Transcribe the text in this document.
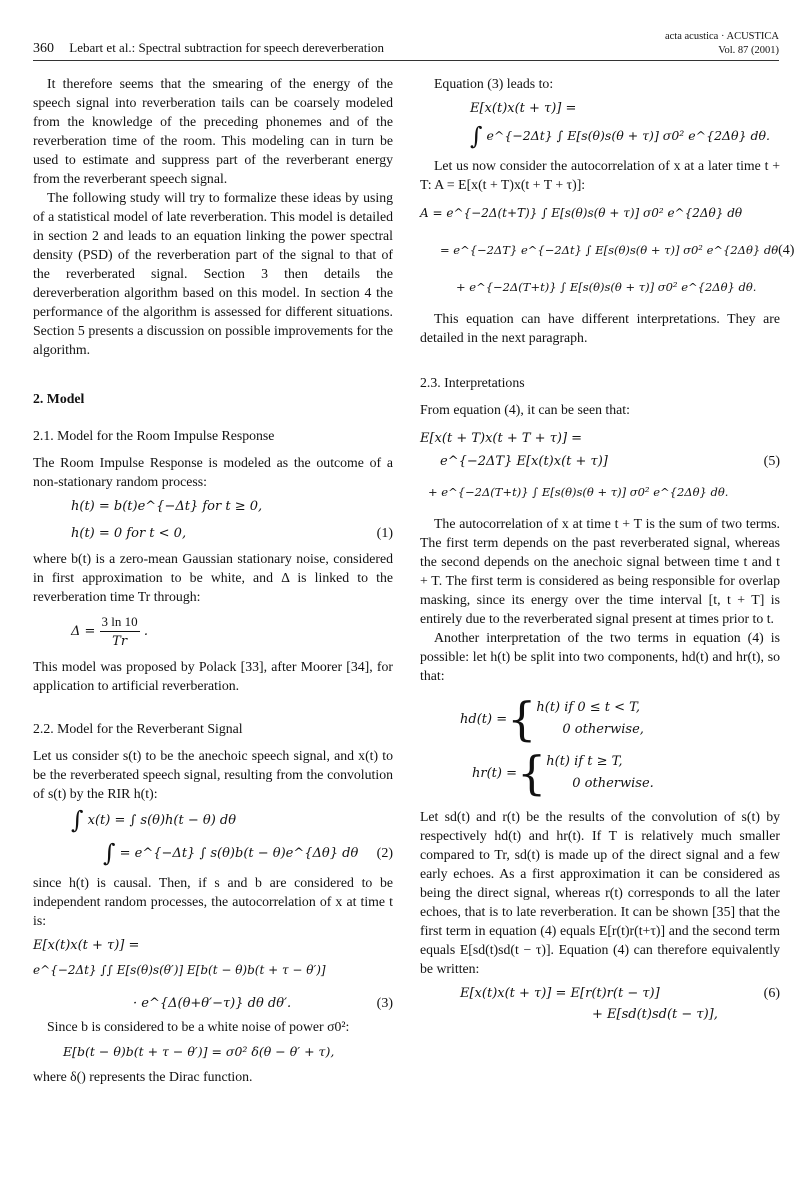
360 Lebart et al.: Spectral subtraction for speech dereverberation
acta acustica · ACUSTICA
Vol. 87 (2001)

It therefore seems that the smearing of the energy of the speech signal into reverberation tails can be coarsely modeled from the knowledge of the preceding phonemes and of the reverberation time of the room. This modeling can in turn be used to estimate and suppress part of the reverberant energy from the reverberant speech signal.

The following study will try to formalize these ideas by using of a statistical model of late reverberation. This model is detailed in section 2 and leads to an equation linking the power spectral density (PSD) of the reverberation part of the signal to that of the reverberated signal. Section 3 then details the dereverberation algorithm based on this model. In section 4 the performance of the algorithm is assessed for different situations. Section 5 presents a discussion on possible improvements for the algorithm.

2. Model
2.1. Model for the Room Impulse Response

The Room Impulse Response is modeled as the outcome of a non-stationary random process:

h(t) = b(t)e^{−Δt} for t ≥ 0,
h(t) = 0 for t < 0,	(1)

where b(t) is a zero-mean Gaussian stationary noise, considered in first approximation to be white, and Δ is linked to the reverberation time Tr through:

$\Delta = \frac{3 \ln 10}{Tr}$ .

This model was proposed by Polack [33], after Moorer [34], for application to artificial reverberation.

2.2. Model for the Reverberant Signal

Let us consider s(t) to be the anechoic speech signal, and x(t) to be the reverberated speech signal, resulting from the convolution of s(t) by the RIR h(t):

∫ x(t) = ∫ s(θ)h(t − θ) dθ
∫ = e^{−Δt} ∫ s(θ)b(t − θ)e^{Δθ} dθ	(2)

since h(t) is causal. Then, if s and b are considered to be independent random processes, the autocorrelation of x at time t is:

E[x(t)x(t + τ)] =
e^{−2Δt} ∫∫ E[s(θ)s(θ′)] E[b(t − θ)b(t + τ − θ′)]
· e^{Δ(θ+θ′−τ)} dθ dθ′.	(3)

Since b is considered to be a white noise of power σ0²:

E[b(t − θ)b(t + τ − θ′)] = σ0² δ(θ − θ′ + τ),

where δ() represents the Dirac function.

Equation (3) leads to:

E[x(t)x(t + τ)] =
∫ e^{−2Δt} ∫ E[s(θ)s(θ + τ)] σ0² e^{2Δθ} dθ.

Let us now consider the autocorrelation of x at a later time t + T: A = E[x(t + T)x(t + T + τ)]:

A = e^{−2Δ(t+T)} ∫ E[s(θ)s(θ + τ)] σ0² e^{2Δθ} dθ
= e^{−2ΔT} e^{−2Δt} ∫ E[s(θ)s(θ + τ)] σ0² e^{2Δθ} dθ (4)
+ e^{−2Δ(T+t)} ∫ E[s(θ)s(θ + τ)] σ0² e^{2Δθ} dθ.

This equation can have different interpretations. They are detailed in the next paragraph.

2.3. Interpretations

From equation (4), it can be seen that:

E[x(t + T)x(t + T + τ)] =
e^{−2ΔT} E[x(t)x(t + τ)]	(5)
+ e^{−2Δ(T+t)} ∫ E[s(θ)s(θ + τ)] σ0² e^{2Δθ} dθ.

The autocorrelation of x at time t + T is the sum of two terms. The first term depends on the past reverberated signal, whereas the second depends on the anechoic signal between time t and t + T. The first term is considered as being responsible for overlap masking, since its energy over the time interval [t, t + T] is entirely due to the reverberated signal present at times prior to t.

Another interpretation of the two terms in equation (4) is possible: let h(t) be split into two components, hd(t) and hr(t), so that:

hd(t) = { h(t) if 0 ≤ t < T,
0 otherwise,
hr(t) = { h(t) if t ≥ T,
0 otherwise.

Let sd(t) and r(t) be the results of the convolution of s(t) by respectively hd(t) and hr(t). If T is relatively much smaller compared to Tr, sd(t) is made up of the direct signal and a few early echoes. As a first approximation it can be considered as being the direct signal, whereas r(t) corresponds to all the later echoes, that is to late reverberation. It can be shown [35] that the first term in equation (4) equals E[r(t)r(t+τ)] and the second term equals E[sd(t)sd(t − τ)]. Equation (4) can therefore equivalently be written:

E[x(t)x(t + τ)] = E[r(t)r(t − τ)]	(6)
+ E[sd(t)sd(t − τ)],
